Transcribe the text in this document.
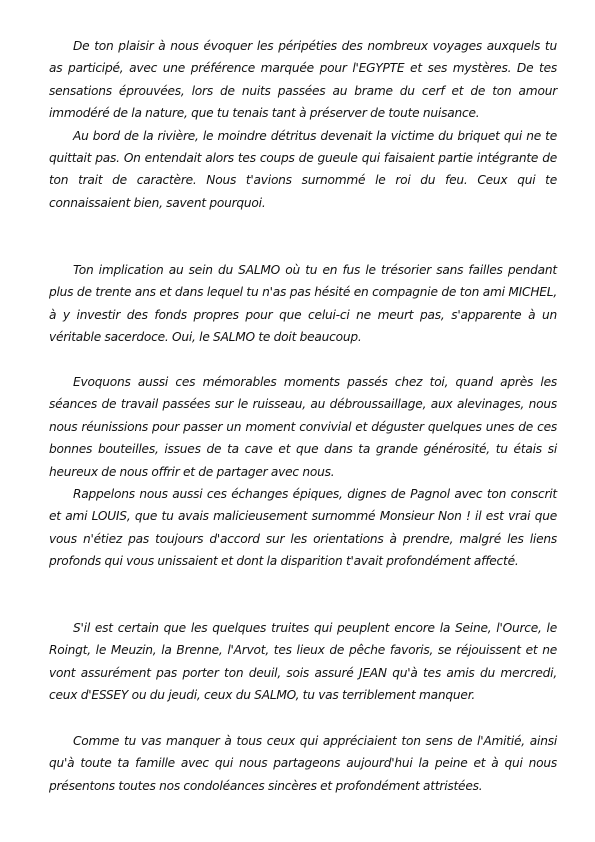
De ton plaisir à nous évoquer les péripéties des nombreux voyages auxquels tu as participé, avec une préférence marquée pour l'EGYPTE et ses mystères. De tes sensations éprouvées, lors de nuits passées au brame du cerf et de ton amour immodéré de la nature, que tu tenais tant à préserver de toute nuisance.

Au bord de la rivière, le moindre détritus devenait la victime du briquet qui ne te quittait pas. On entendait alors tes coups de gueule qui faisaient partie intégrante de ton trait de caractère. Nous t'avions surnommé le roi du feu. Ceux qui te connaissaient bien, savent pourquoi.

Ton implication au sein du SALMO où tu en fus le trésorier sans failles pendant plus de trente ans et dans lequel tu n'as pas hésité en compagnie de ton ami MICHEL, à y investir des fonds propres pour que celui-ci ne meurt pas, s'apparente à un véritable sacerdoce. Oui, le SALMO te doit beaucoup.

Evoquons aussi ces mémorables moments passés chez toi, quand après les séances de travail passées sur le ruisseau, au débroussaillage, aux alevinages, nous nous réunissions pour passer un moment convivial et déguster quelques unes de ces bonnes bouteilles, issues de ta cave et que dans ta grande générosité, tu étais si heureux de nous offrir et de partager avec nous.

Rappelons nous aussi ces échanges épiques, dignes de Pagnol avec ton conscrit et ami LOUIS, que tu avais malicieusement surnommé Monsieur Non ! il est vrai que vous n'étiez pas toujours d'accord sur les orientations à prendre, malgré les liens profonds qui vous unissaient et dont la disparition t'avait profondément affecté.

S'il est certain que les quelques truites qui peuplent encore la Seine, l'Ource, le Roingt, le Meuzin, la Brenne, l'Arvot, tes lieux de pêche favoris, se réjouissent et ne vont assurément pas porter ton deuil, sois assuré JEAN qu'à tes amis du mercredi, ceux d'ESSEY ou du jeudi, ceux du SALMO, tu vas terriblement manquer.

Comme tu vas manquer à tous ceux qui appréciaient ton sens de l'Amitié, ainsi qu'à toute ta famille avec qui nous partageons aujourd'hui la peine et à qui nous présentons toutes nos condoléances sincères et profondément attristées.
